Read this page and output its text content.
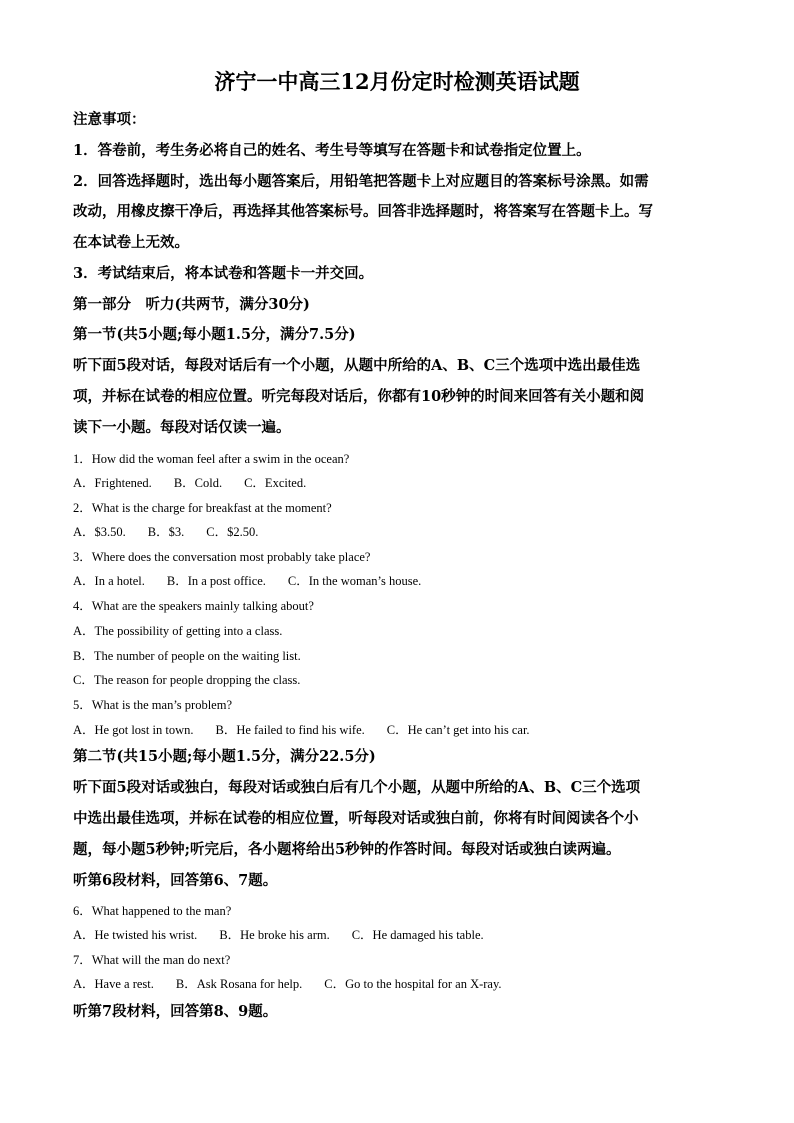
济宁一中高三12月份定时检测英语试题
注意事项：
1．答卷前，考生务必将自己的姓名、考生号等填写在答题卡和试卷指定位置上。
2．回答选择题时，选出每小题答案后，用铅笔把答题卡上对应题目的答案标号涂黑。如需
改动，用橡皮擦干净后，再选择其他答案标号。回答非选择题时，将答案写在答题卡上。写
在本试卷上无效。
3．考试结束后，将本试卷和答题卡一并交回。
第一部分　听力(共两节，满分30分)
第一节(共5小题;每小题1.5分，满分7.5分)
听下面5段对话，每段对话后有一个小题，从题中所给的A、B、C三个选项中选出最佳选
项，并标在试卷的相应位置。听完每段对话后，你都有10秒钟的时间来回答有关小题和阅
读下一小题。每段对话仅读一遍。
1．How did the woman feel after a swim in the ocean?
A．Frightened. B．Cold. C．Excited.
2．What is the charge for breakfast at the moment?
A．$3.50. B．$3. C．$2.50.
3．Where does the conversation most probably take place?
A．In a hotel. B．In a post office. C．In the woman’s house.
4．What are the speakers mainly talking about?
A．The possibility of getting into a class.
B．The number of people on the waiting list.
C．The reason for people dropping the class.
5．What is the man’s problem?
A．He got lost in town. B．He failed to find his wife. C．He can’t get into his car.
第二节(共15小题;每小题1.5分，满分22.5分)
听下面5段对话或独白，每段对话或独白后有几个小题，从题中所给的A、B、C三个选项
中选出最佳选项，并标在试卷的相应位置，听每段对话或独白前，你将有时间阅读各个小
题，每小题5秒钟;听完后，各小题将给出5秒钟的作答时间。每段对话或独白读两遍。
听第6段材料，回答第6、7题。
6．What happened to the man?
A．He twisted his wrist. B．He broke his arm. C．He damaged his table.
7．What will the man do next?
A．Have a rest. B．Ask Rosana for help. C．Go to the hospital for an X-ray.
听第7段材料，回答第8、9题。
